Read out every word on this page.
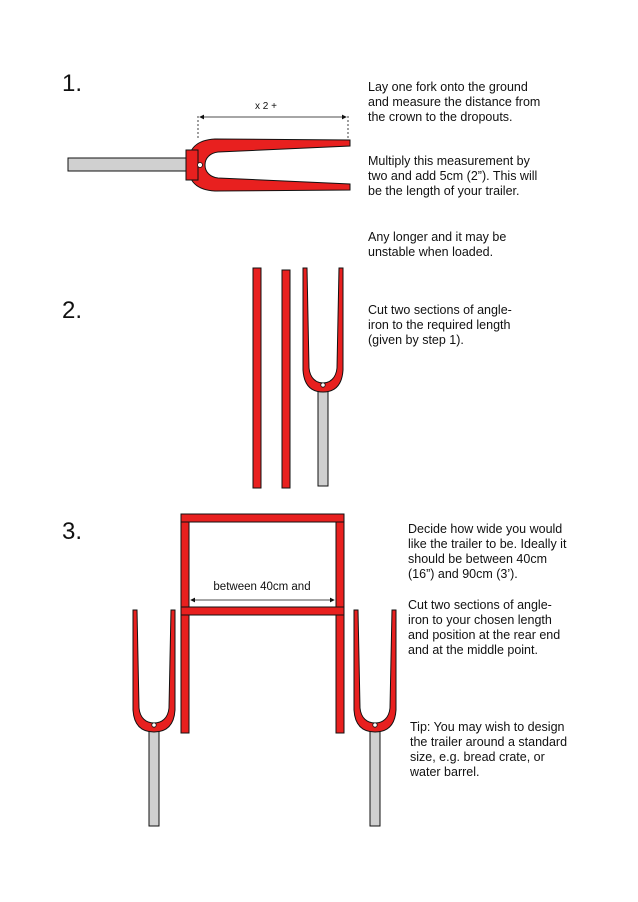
1.
2.
3.

Lay one fork onto the ground and measure the distance from the crown to the dropouts.

Multiply this measurement by two and add 5cm (2”). This will be the length of your trailer.

Any longer and it may be unstable when loaded.

Cut two sections of angle-iron to the required length (given by step 1).

Decide how wide you would like the trailer to be. Ideally it should be between 40cm (16”) and 90cm (3’).

Cut two sections of angle-iron to your chosen length and position at the rear end and at the middle point.

Tip: You may wish to design the trailer around a standard size, e.g. bread crate, or water barrel.

x 2 +
between 40cm and
